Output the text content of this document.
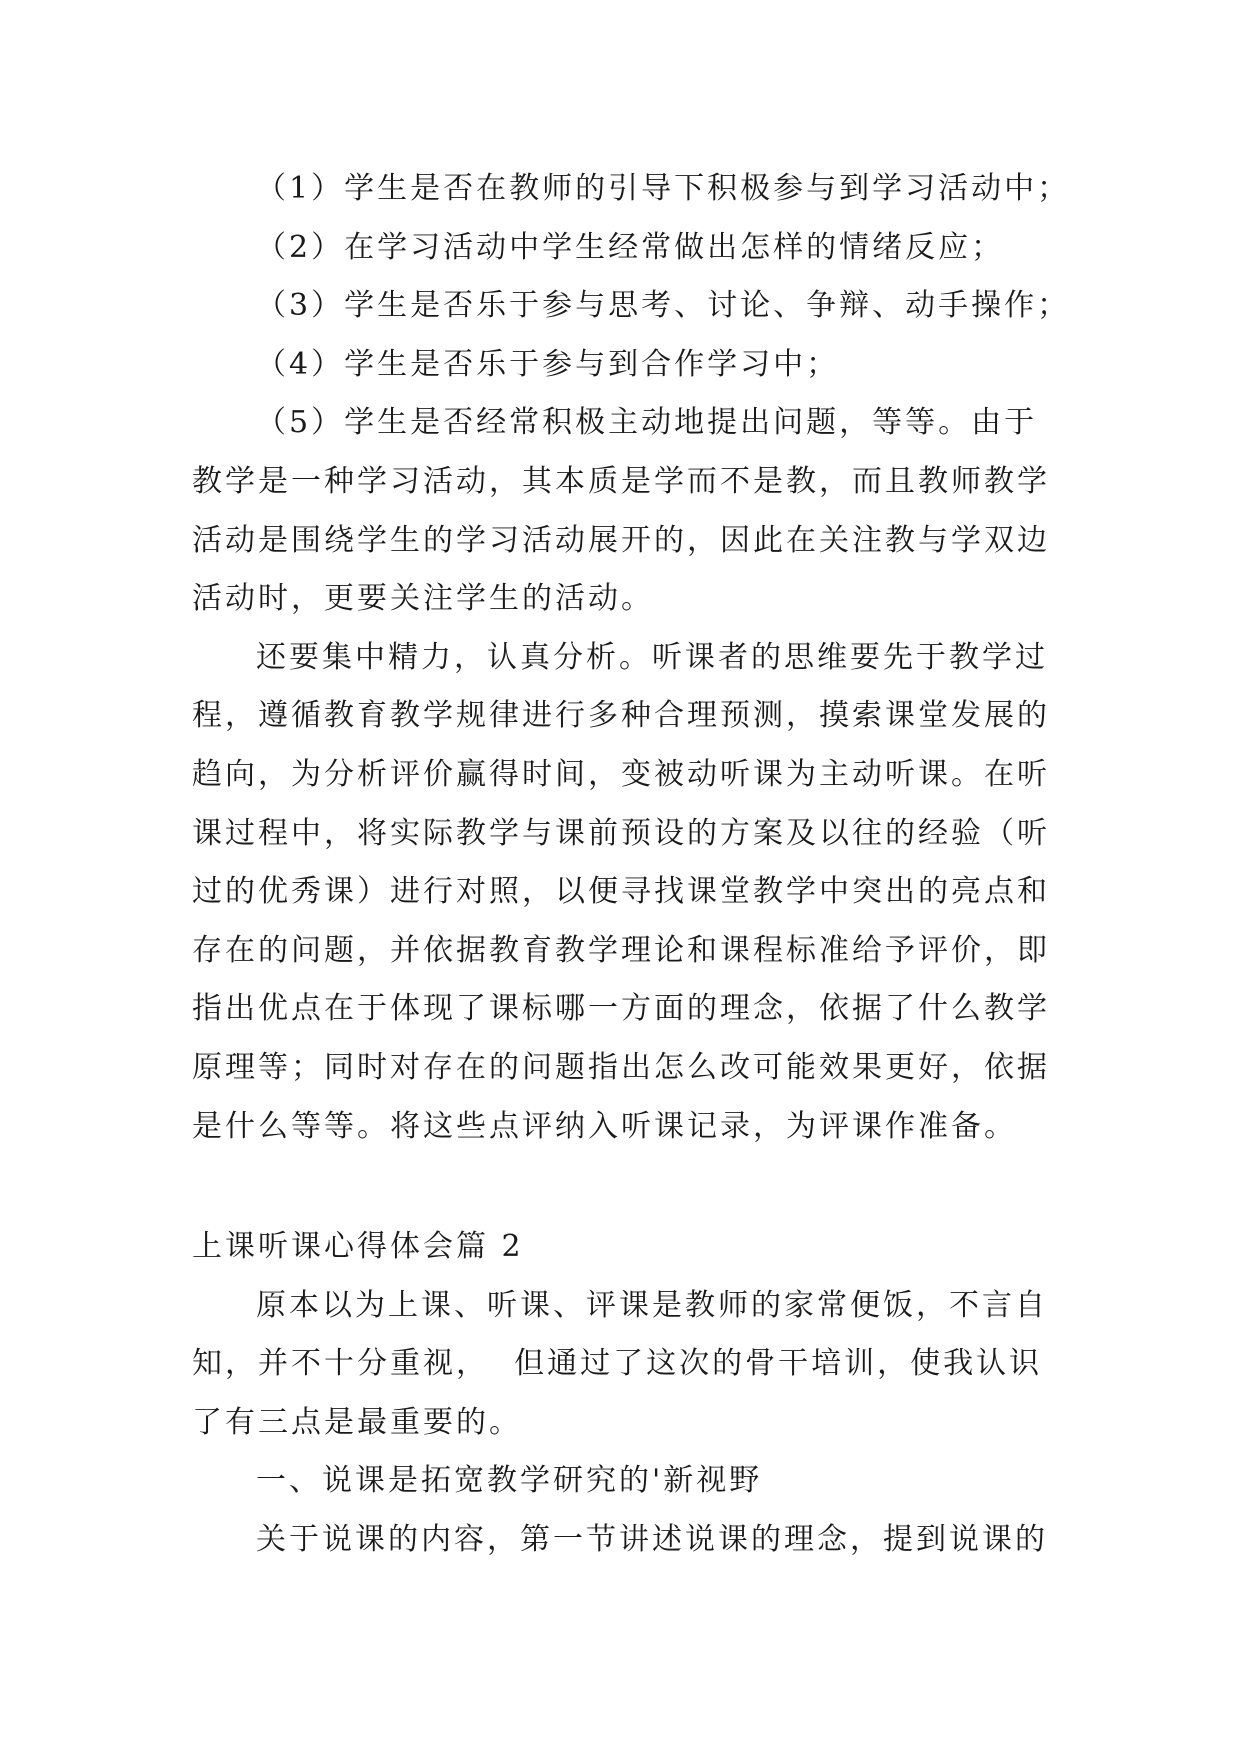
（1）学生是否在教师的引导下积极参与到学习活动中；
（2）在学习活动中学生经常做出怎样的情绪反应；
（3）学生是否乐于参与思考、讨论、争辩、动手操作；
（4）学生是否乐于参与到合作学习中；
（5）学生是否经常积极主动地提出问题，等等。由于
教学是一种学习活动，其本质是学而不是教，而且教师教学
活动是围绕学生的学习活动展开的，因此在关注教与学双边
活动时，更要关注学生的活动。
还要集中精力，认真分析。听课者的思维要先于教学过
程，遵循教育教学规律进行多种合理预测，摸索课堂发展的
趋向，为分析评价赢得时间，变被动听课为主动听课。在听
课过程中，将实际教学与课前预设的方案及以往的经验（听
过的优秀课）进行对照，以便寻找课堂教学中突出的亮点和
存在的问题，并依据教育教学理论和课程标准给予评价，即
指出优点在于体现了课标哪一方面的理念，依据了什么教学
原理等；同时对存在的问题指出怎么改可能效果更好，依据
是什么等等。将这些点评纳入听课记录，为评课作准备。
上课听课心得体会篇 2
原本以为上课、听课、评课是教师的家常便饭，不言自
知，并不十分重视，  但通过了这次的骨干培训，使我认识
了有三点是最重要的。
一、说课是拓宽教学研究的'新视野
关于说课的内容，第一节讲述说课的理念，提到说课的
